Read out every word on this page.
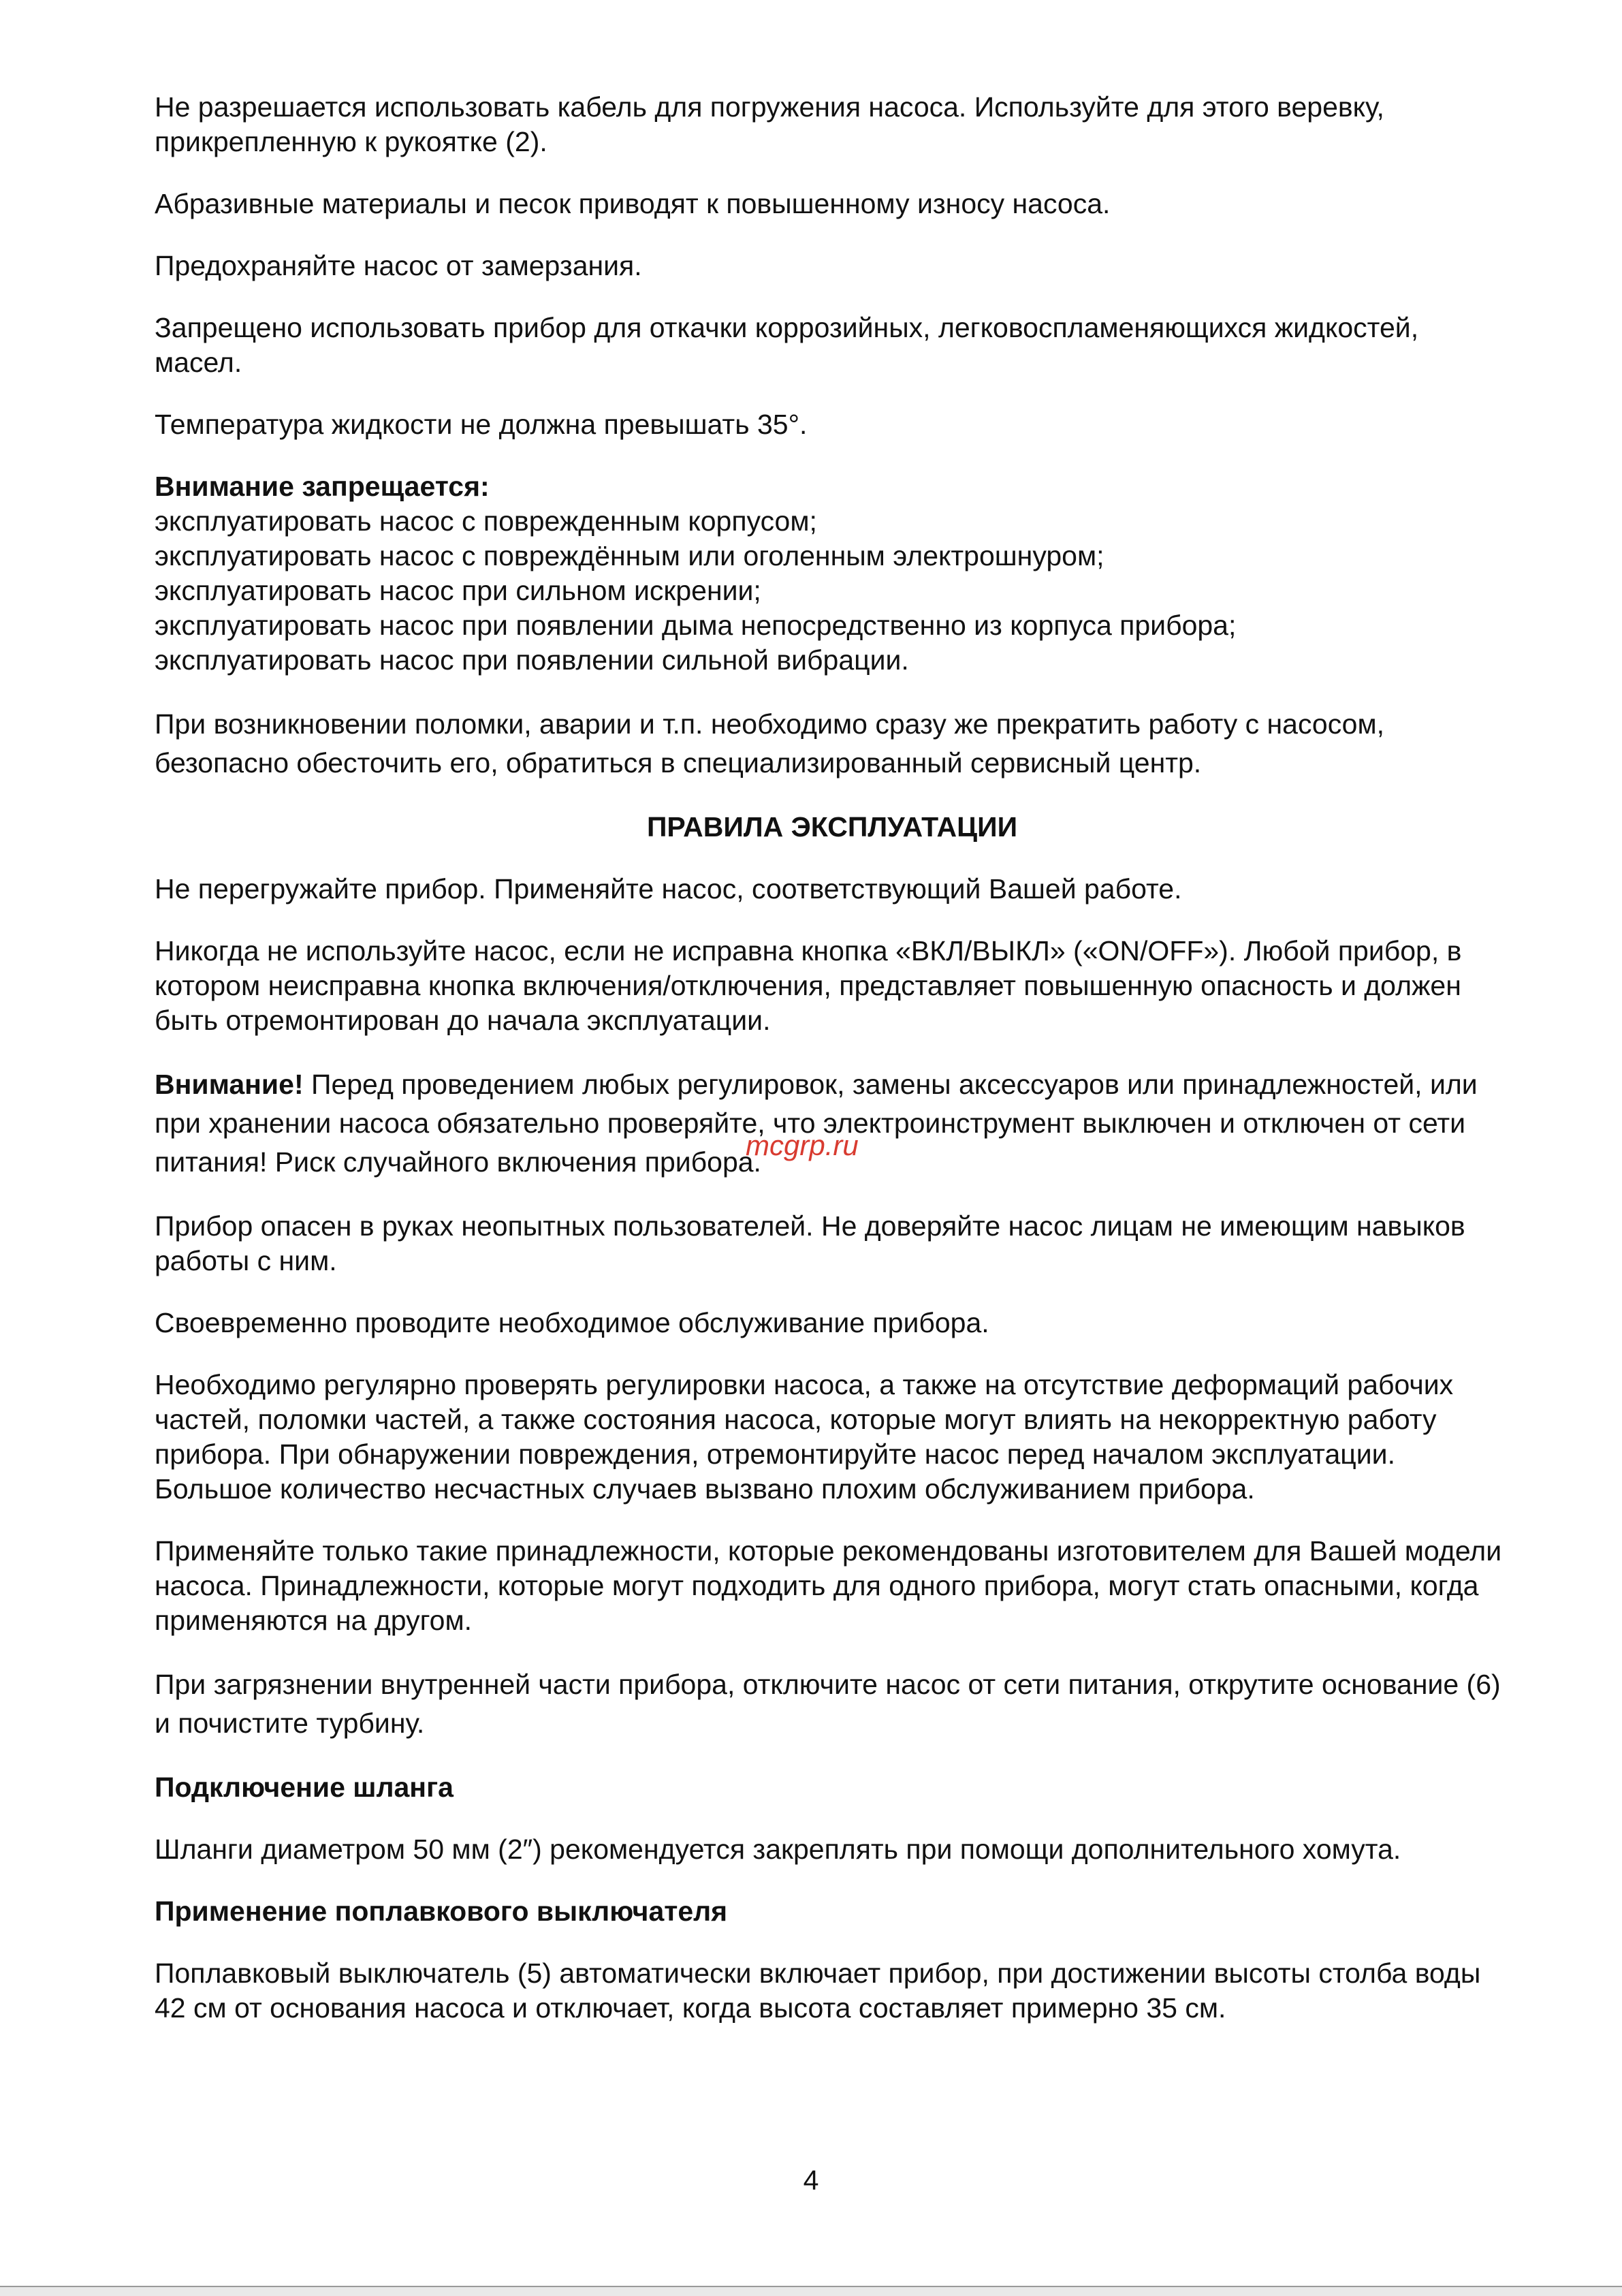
Не разрешается использовать кабель для погружения насоса. Используйте для этого веревку, прикрепленную к рукоятке (2).

Абразивные материалы и песок приводят к повышенному износу насоса.

Предохраняйте насос от замерзания.

Запрещено использовать прибор для откачки коррозийных, легковоспламеняющихся жидкостей, масел.

Температура жидкости не должна превышать 35°.

Внимание запрещается:
эксплуатировать насос с поврежденным корпусом;
эксплуатировать насос с повреждённым или оголенным электрошнуром;
эксплуатировать насос при сильном искрении;
эксплуатировать насос при появлении дыма непосредственно из корпуса прибора;
эксплуатировать насос при появлении сильной вибрации.

При возникновении поломки, аварии и т.п. необходимо сразу же прекратить работу с насосом, безопасно обесточить его, обратиться в специализированный сервисный центр.

ПРАВИЛА ЭКСПЛУАТАЦИИ

Не перегружайте прибор. Применяйте насос, соответствующий Вашей работе.

Никогда не используйте насос, если не исправна кнопка «ВКЛ/ВЫКЛ» («ON/OFF»). Любой прибор, в котором неисправна кнопка включения/отключения, представляет повышенную опасность и должен быть отремонтирован до начала эксплуатации.

Внимание! Перед проведением любых регулировок, замены аксессуаров или принадлежностей, или при хранении насоса обязательно проверяйте, что электроинструмент выключен и отключен от сети питания! Риск случайного включения прибора.

Прибор опасен в руках неопытных пользователей. Не доверяйте насос лицам не имеющим навыков работы с ним.

Своевременно проводите необходимое обслуживание прибора.

Необходимо регулярно проверять регулировки насоса, а также на отсутствие деформаций рабочих частей, поломки частей, а также состояния насоса, которые могут влиять на некорректную работу прибора. При обнаружении повреждения, отремонтируйте насос перед началом эксплуатации. Большое количество несчастных случаев вызвано плохим обслуживанием прибора.

Применяйте только такие принадлежности, которые рекомендованы изготовителем для Вашей модели насоса. Принадлежности, которые могут подходить для одного прибора, могут стать опасными, когда применяются на другом.

При загрязнении внутренней части прибора, отключите насос от сети питания, открутите основание (6) и почистите турбину.

Подключение шланга

Шланги диаметром 50 мм (2″) рекомендуется закреплять при помощи дополнительного хомута.

Применение поплавкового выключателя

Поплавковый выключатель (5) автоматически включает прибор, при достижении высоты столба воды 42 см от основания насоса и отключает, когда высота составляет примерно 35 см.

mcgrp.ru
4
